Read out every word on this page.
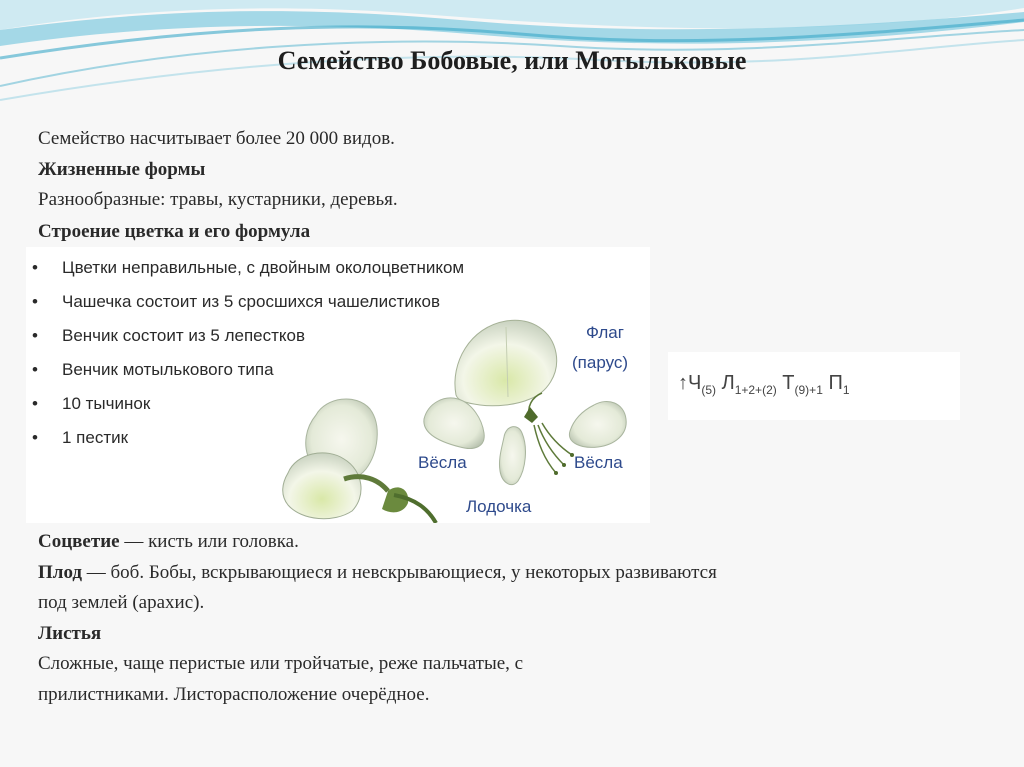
Семейство Бобовые, или Мотыльковые
Семейство насчитывает более 20 000 видов.
Жизненные формы
Разнообразные: травы, кустарники, деревья.
Строение цветка и его формула
• Цветки неправильные, с двойным околоцветником
• Чашечка состоит из 5 сросшихся чашелистиков
• Венчик состоит из 5 лепестков
• Венчик мотылькового типа
• 10 тычинок
• 1 пестик
Флаг
(парус)
Вёсла	Вёсла
Лодочка
$↑Ч_{(5)}$ $Л_{1+2+(2)}$ $Т_{(9)+1}$ $П_1$
Соцветие — кисть или головка.
Плод — боб. Бобы, вскрывающиеся и невскрывающиеся, у некоторых развиваются
под землей (арахис).
Листья
Сложные, чаще перистые или тройчатые, реже пальчатые, с
прилистниками. Листорасположение очерёдное.
